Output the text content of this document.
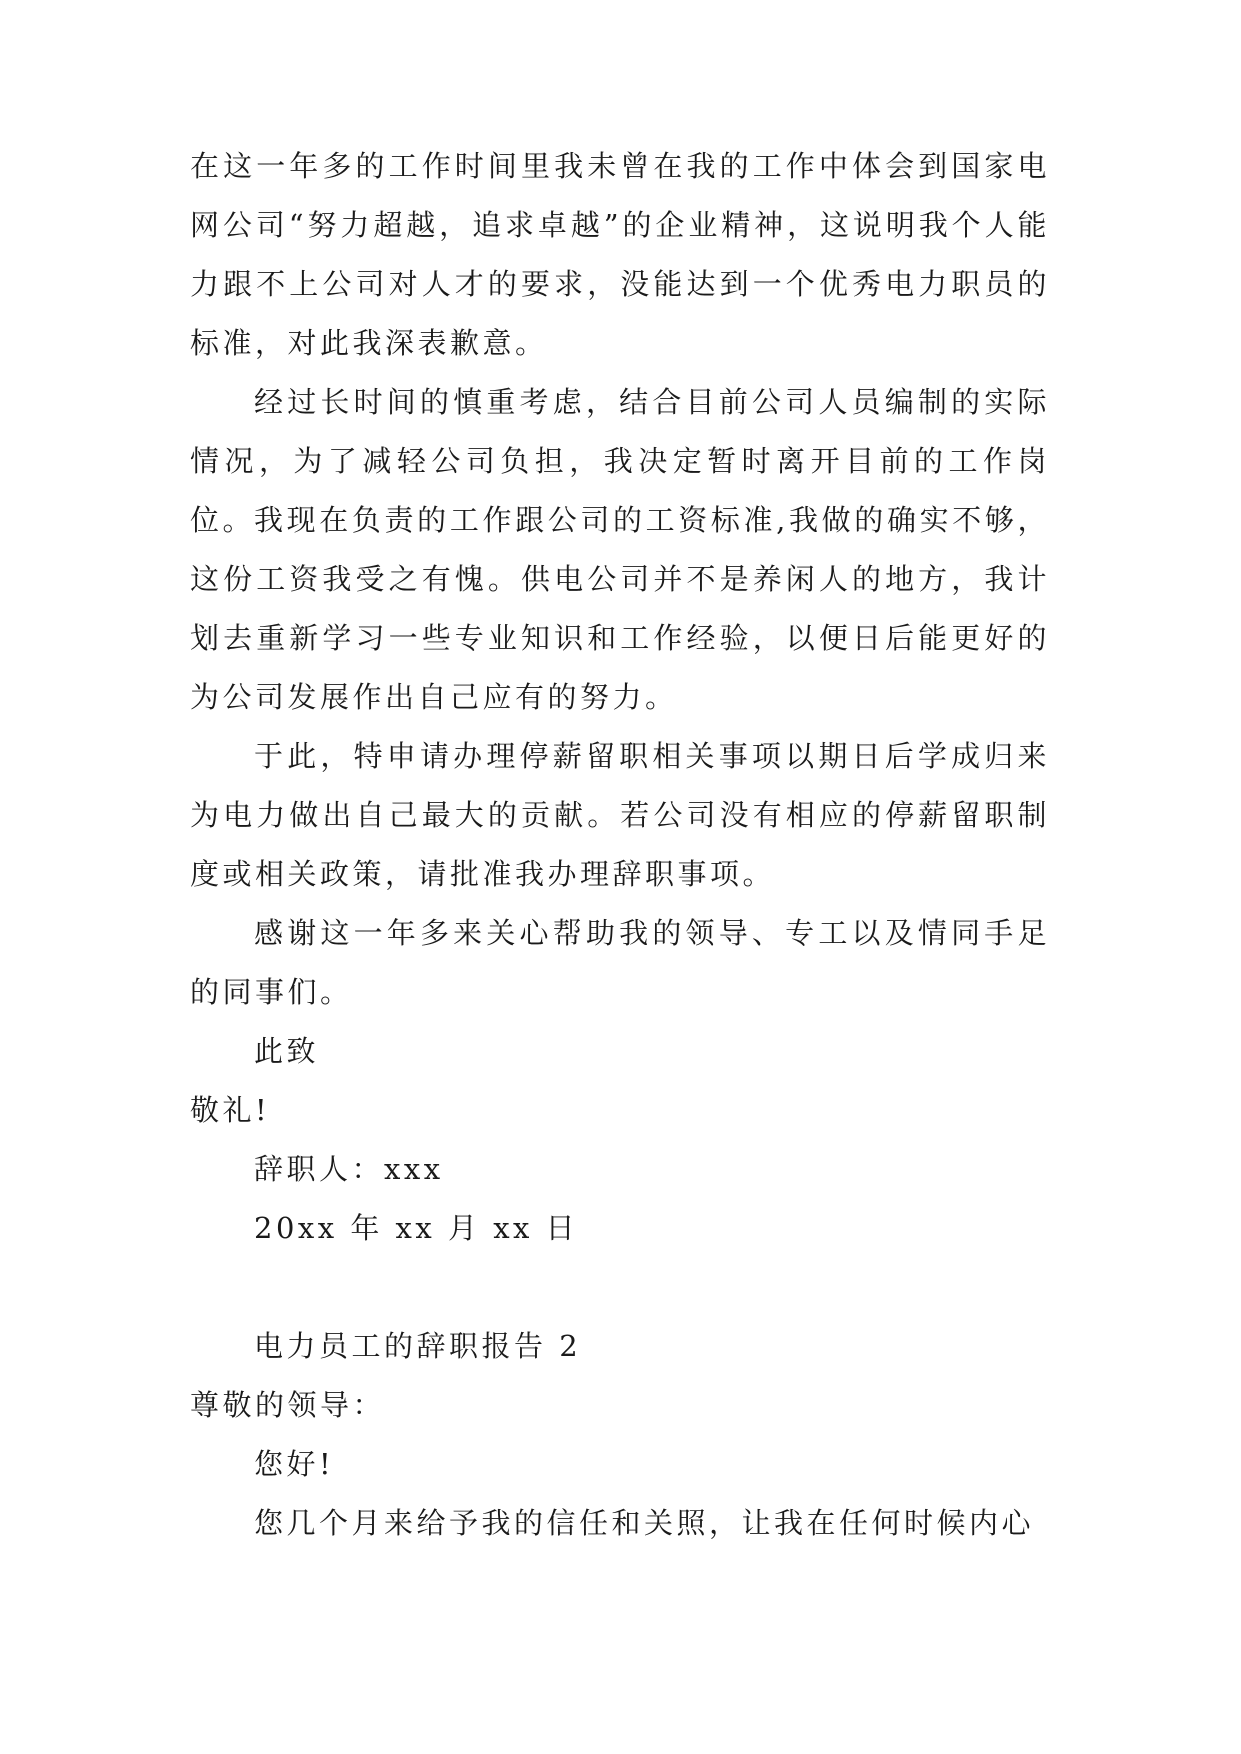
在这一年多的工作时间里我未曾在我的工作中体会到国家电网公司“努力超越，追求卓越”的企业精神，这说明我个人能力跟不上公司对人才的要求，没能达到一个优秀电力职员的标准，对此我深表歉意。

经过长时间的慎重考虑，结合目前公司人员编制的实际情况，为了减轻公司负担，我决定暂时离开目前的工作岗位。

我现在负责的工作跟公司的工资标准,我做的确实不够，这份工资我受之有愧。供电公司并不是养闲人的地方，我计划去重新学习一些专业知识和工作经验，以便日后能更好的为公司发展作出自己应有的努力。

于此，特申请办理停薪留职相关事项以期日后学成归来为电力做出自己最大的贡献。若公司没有相应的停薪留职制度或相关政策，请批准我办理辞职事项。

感谢这一年多来关心帮助我的领导、专工以及情同手足的同事们。

此致

敬礼!

辞职人：xxx

20xx 年 xx 月 xx 日

电力员工的辞职报告 2

尊敬的领导：

您好!

您几个月来给予我的信任和关照，让我在任何时候内心
